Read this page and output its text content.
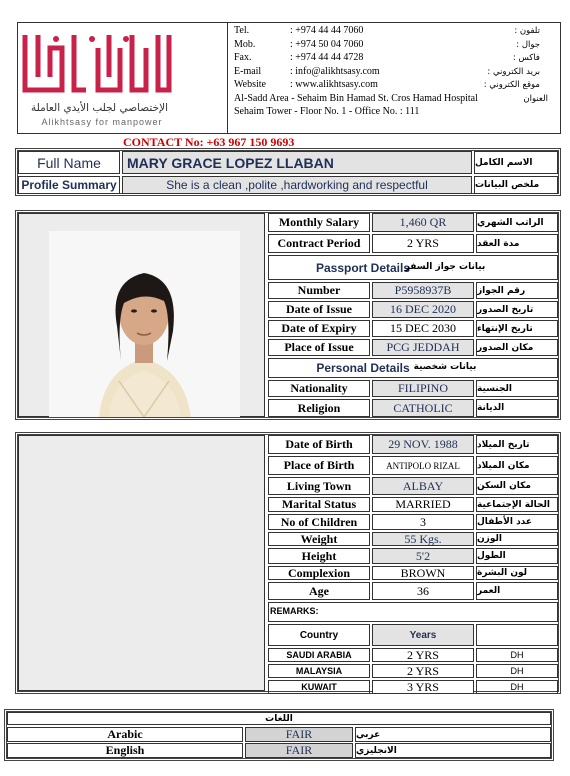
الإختصاصي لجلب الأيدي العاملة
Alikhtsasy for manpower
Tel.	: +974 44 44 7060	تلفون :
Mob.	: +974 50 04 7060	جوال :
Fax.	: +974 44 44 4728	فاكس :
E-mail	: info@alikhtsasy.com	بريد الكتروني :
Website : www.alikhtsasy.com	موقع الكتروني :
Al-Sadd Area - Sehaim Bin Hamad St. Cros Hamad Hospital	العنوان
Sehaim Tower - Floor No. 1 - Office No. : 111
CONTACT No: +63 967 150 9693
Full Name	MARY GRACE LOPEZ LLABAN	الاسم الكامل
Profile Summary	She is a clean ,polite ,hardworking and respectful	ملخص البيانات
Monthly Salary	1,460 QR	الراتب الشهري
Contract Period	2 YRS	مدة العقد
Passport Details
بيانات جواز السفر
Number	P5958937B	رقم الجواز
Date of Issue	16 DEC 2020	تاريخ الصدور
Date of Expiry	15 DEC 2030	تاريخ الإنتهاء
Place of Issue	PCG JEDDAH	مكان الصدور
Personal Details بيانات شخصية
Nationality	FILIPINO	الجنسية
Religion	CATHOLIC	الديانة
Date of Birth	29 NOV. 1988	تاريخ الميلاد
Place of Birth	ANTIPOLO RIZAL	مكان الميلاد
Living Town	ALBAY	مكان السكن
Marital Status	MARRIED	الحالة الإجتماعية
No of Children	3	عدد الأطفال
Weight	55 Kgs.	الوزن
Height	5'2	الطول
Complexion	BROWN	لون البشرة
Age	36	العمر
REMARKS:
Country	Years
SAUDI ARABIA	2 YRS	DH
MALAYSIA	2 YRS	DH
KUWAIT	3 YRS	DH
اللغات
Arabic	FAIR	عربي
English	FAIR	الانجليزي
